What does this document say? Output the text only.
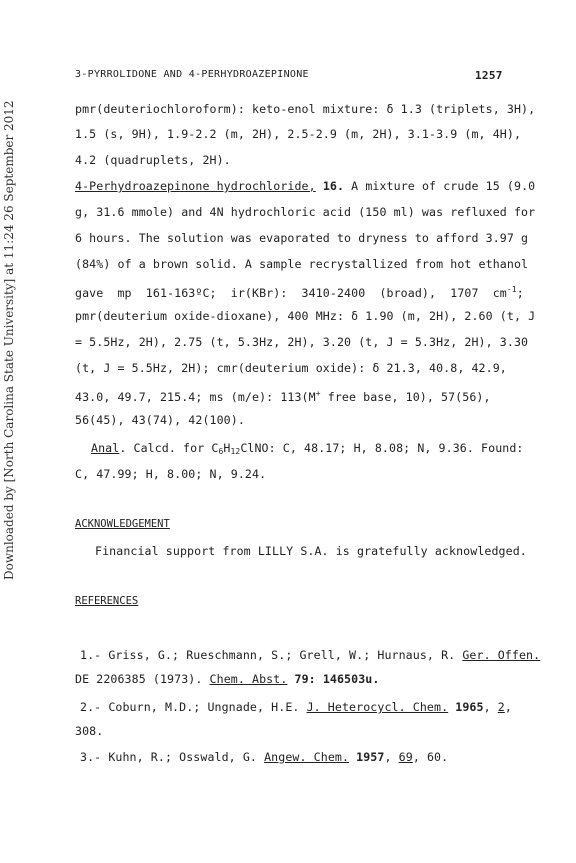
Downloaded by [North Carolina State University] at 11:24 26 September 2012
3-PYRROLIDONE AND 4-PERHYDROAZEPINONE	1257
pmr(deuteriochloroform): keto-enol mixture: δ 1.3 (triplets, 3H),
1.5 (s, 9H), 1.9-2.2 (m, 2H), 2.5-2.9 (m, 2H), 3.1-3.9 (m, 4H),
4.2 (quadruplets, 2H).
4-Perhydroazepinone hydrochloride, 16. A mixture of crude 15 (9.0
g, 31.6 mmole) and 4N hydrochloric acid (150 ml) was refluxed for
6 hours. The solution was evaporated to dryness to afford 3.97 g
(84%) of a brown solid. A sample recrystallized from hot ethanol
gave  mp  161-163ºC;  ir(KBr):  3410-2400  (broad),  1707  $cm^{-1}$;
pmr(deuterium oxide-dioxane), 400 MHz: δ 1.90 (m, 2H), 2.60 (t, J
= 5.5Hz, 2H), 2.75 (t, 5.3Hz, 2H), 3.20 (t, J = 5.3Hz, 2H), 3.30
(t, J = 5.5Hz, 2H); cmr(deuterium oxide): δ 21.3, 40.8, 42.9,
43.0, 49.7, 215.4; ms (m/e): 113(M+ free base, 10), 57(56),
56(45), 43(74), 42(100).
Anal. Calcd. for $C_6H_{12}ClNO$: C, 48.17; H, 8.08; N, 9.36. Found:
C, 47.99; H, 8.00; N, 9.24.
ACKNOWLEDGEMENT
Financial support from LILLY S.A. is gratefully acknowledged.
REFERENCES
1.- Griss, G.; Rueschmann, S.; Grell, W.; Hurnaus, R. Ger. Offen.
DE 2206385 (1973). Chem. Abst. 79: 146503u.
2.- Coburn, M.D.; Ungnade, H.E. J. Heterocycl. Chem. 1965, 2,
308.
3.- Kuhn, R.; Osswald, G. Angew. Chem. 1957, 69, 60.
